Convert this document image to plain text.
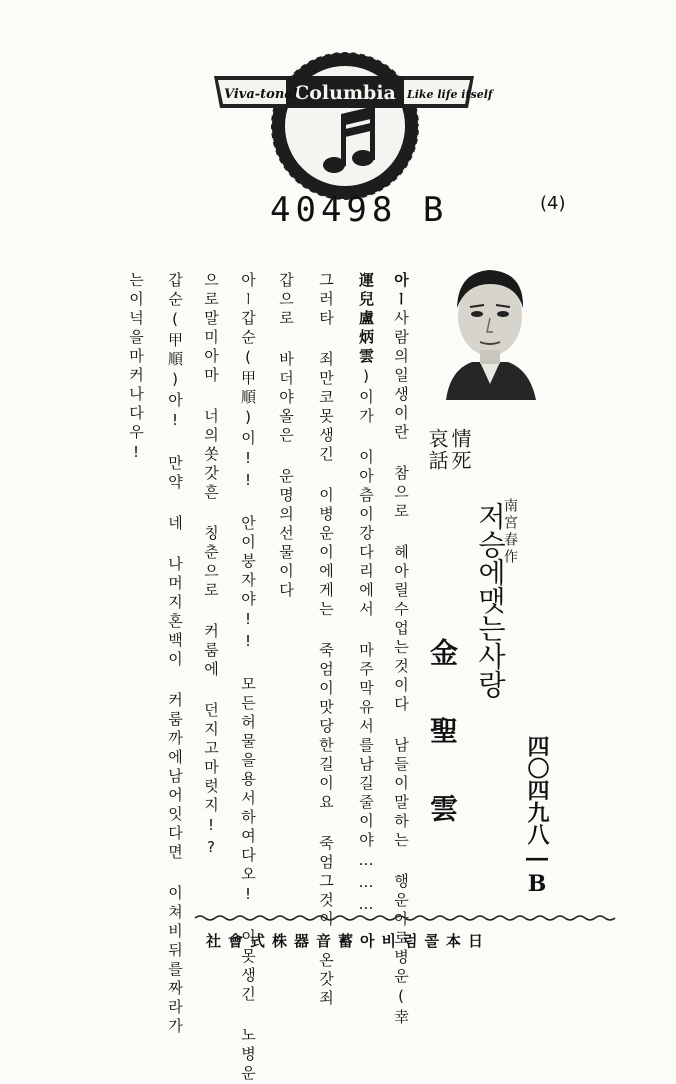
Columbia
Viva-tonal	Like life itself
40498 B	(4)
四〇四九八―B
金聖雲
저승에맷는사랑
南宮春作
情死
哀話
아ー사람의일생이란 참으로 헤아릴수업는것이다 남들이말하는 행운아로병운(幸
運兒盧炳雲)이가 이아츰이강다리에서 마주막유서를남길줄이야………
그러타 죄만코못생긴 이병운이에게는 죽엄이맛당한길이요 죽엄그것이 온갓죄
갑으로 바더야올은 운명의선물이다
아ー갑순(甲順)이!! 안이붕자야!! 모든허물을용서하여다오! 이못생긴 노병운
으로말미아마 너의쏫갓흔 칭춘으로 커룸에 던지고마럿지!?
갑순(甲順)아! 만약 네 나머지혼백이 커룸까에남어잇다면 이쳐비뒤를짜라가
는이넉을마커나다우!
社會式株器音蓄아비럼콜本日
